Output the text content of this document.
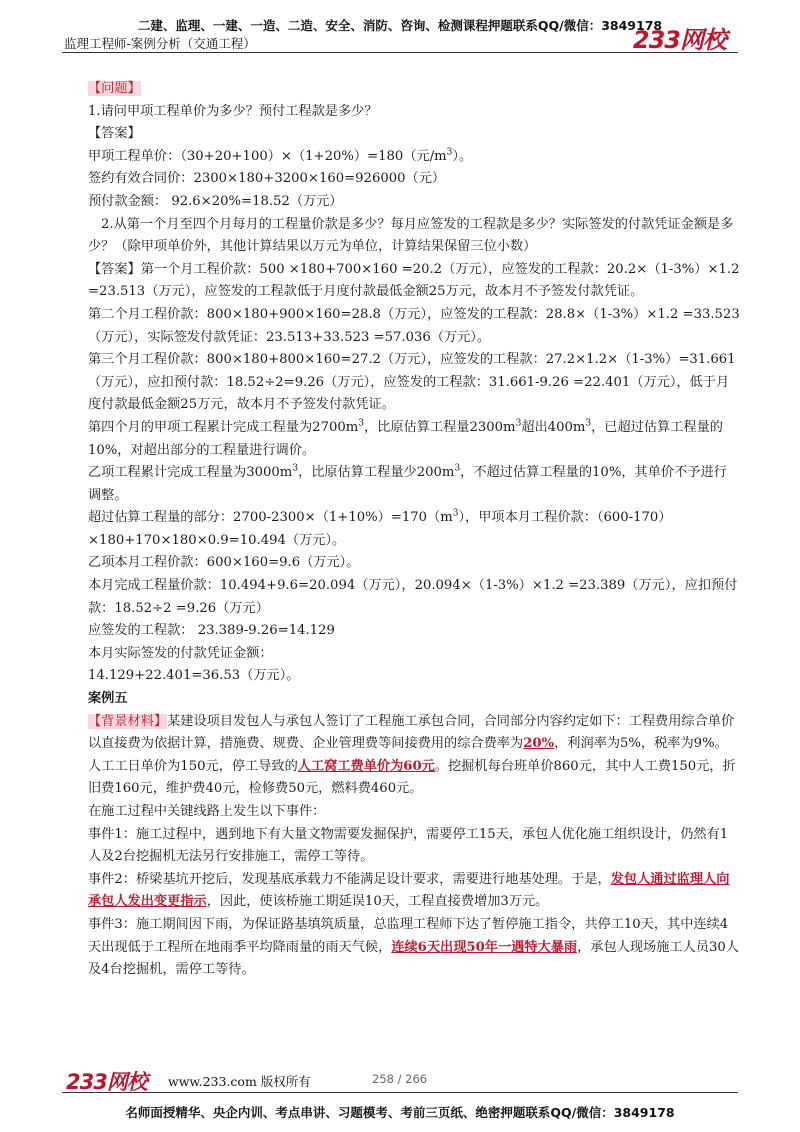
二建、监理、一建、一造、二造、安全、消防、咨询、检测课程押题联系QQ/微信：3849178
监理工程师-案例分析（交通工程）	233网校

【问题】

1.请问甲项工程单价为多少？预付工程款是多少？

【答案】

甲项工程单价：（30+20+100）×（1+20%）=180（元$/m^3$）。

签约有效合同价：2300×180+3200×160=926000（元）

预付款金额： 92.6×20%=18.52（万元）

2.从第一个月至四个月每月的工程量价款是多少？每月应签发的工程款是多少？实际签发的付款凭证金额是多少？（除甲项单价外，其他计算结果以万元为单位，计算结果保留三位小数）

【答案】第一个月工程价款：500 ×180+700×160 =20.2（万元），应签发的工程款：20.2×（1-3%）×1.2 =23.513（万元），应签发的工程款低于月度付款最低金额25万元，故本月不予签发付款凭证。

第二个月工程价款：800×180+900×160=28.8（万元），应签发的工程款：28.8×（1-3%）×1.2 =33.523（万元），实际签发付款凭证：23.513+33.523 =57.036（万元）。

第三个月工程价款：800×180+800×160=27.2（万元），应签发的工程款：27.2×1.2×（1-3%）=31.661（万元），应扣预付款：18.52÷2=9.26（万元），应签发的工程款：31.661-9.26 =22.401（万元），低于月度付款最低金额25万元，故本月不予签发付款凭证。

第四个月的甲项工程累计完成工程量为$2700m^3$，比原估算工程量$2300m^3$超出$400m^3$，已超过估算工程量的10%，对超出部分的工程量进行调价。

乙项工程累计完成工程量为$3000m^3$，比原估算工程量少$200m^3$，不超过估算工程量的10%，其单价不予进行调整。

超过估算工程量的部分：$2700-2300\times(1+10\%)=170(m^3)$，甲项本月工程价款：（600-170）×180+170×180×0.9=10.494（万元）。

乙项本月工程价款：600×160=9.6（万元）。

本月完成工程量价款：10.494+9.6=20.094（万元），20.094×（1-3%）×1.2 =23.389（万元），应扣预付款：18.52÷2 =9.26（万元）

应签发的工程款： 23.389-9.26=14.129

本月实际签发的付款凭证金额：

14.129+22.401=36.53（万元）。

案例五

【背景材料】某建设项目发包人与承包人签订了工程施工承包合同，合同部分内容约定如下：工程费用综合单价以直接费为依据计算，措施费、规费、企业管理费等间接费用的综合费率为20%，利润率为5%，税率为9%。人工工日单价为150元，停工导致的人工窝工费单价为60元。挖掘机每台班单价860元，其中人工费150元，折旧费160元，维护费40元，检修费50元，燃料费460元。

在施工过程中关键线路上发生以下事件：

事件1：施工过程中，遇到地下有大量文物需要发掘保护，需要停工15天，承包人优化施工组织设计，仍然有1人及2台挖掘机无法另行安排施工，需停工等待。

事件2：桥梁基坑开挖后，发现基底承载力不能满足设计要求，需要进行地基处理。于是，发包人通过监理人向承包人发出变更指示，因此，使该桥施工期延误10天，工程直接费增加3万元。

事件3：施工期间因下雨，为保证路基填筑质量，总监理工程师下达了暂停施工指令，共停工10天，其中连续4天出现低于工程所在地雨季平均降雨量的雨天气候，连续6天出现50年一遇特大暴雨，承包人现场施工人员30人及4台挖掘机，需停工等待。

233网校 www.233.com 版权所有	258 / 266
名师面授精华、央企内训、考点串讲、习题模考、考前三页纸、绝密押题联系QQ/微信：3849178
